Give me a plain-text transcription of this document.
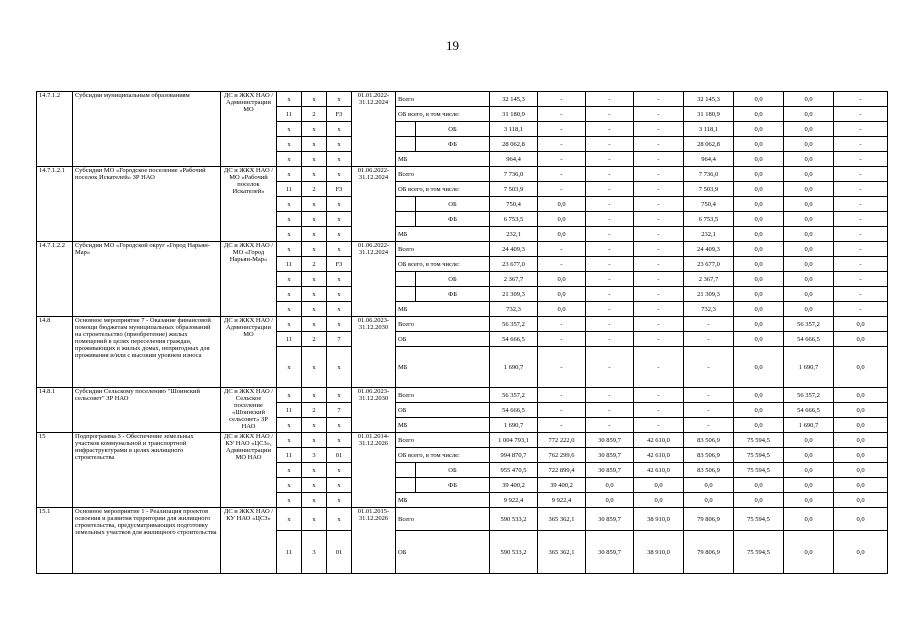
19
14.7.1.2	Субсидии муниципальным образованиям	ДС и ЖКХ НАО / Администрации МО	x	x	x	01.01.2022-31.12.2024	Всего		32 145,3	-	-	-	32 145,3	0,0	0,0	-	
			11	2	F3		ОБ всего, в том числе:		31 180,9	-	-	-	31 180,9	0,0	0,0	-	
			x	x	x			ОБ	3 118,1	-	-	-	3 118,1	0,0	0,0	-	
			x	x	x			ФБ	28 062,8	-	-	-	28 062,8	0,0	0,0	-	
			x	x	x		МБ		964,4	-	-	-	964,4	0,0	0,0	-	
14.7.1.2.1	Субсидии МО «Городское поселение «Рабочий поселок Искателей» ЗР НАО	ДС и ЖКХ НАО / МО «Рабочий поселок Искателей»	x	x	x	01.06.2022-31.12.2024	Всего		7 736,0	-	-	-	7 736,0	0,0	0,0	-	
			11	2	F3		ОБ всего, в том числе:		7 503,9	-	-	-	7 503,9	0,0	0,0	-	
			x	x	x			ОБ	750,4	0,0	-	-	750,4	0,0	0,0	-	
			x	x	x			ФБ	6 753,5	0,0	-	-	6 753,5	0,0	0,0	-	
			x	x	x		МБ		232,1	0,0	-	-	232,1	0,0	0,0	-	
14.7.1.2.2	Субсидии МО «Городской округ «Город Нарьян-Мар»	ДС и ЖКХ НАО / МО «Город Нарьян-Мар»	x	x	x	01.06.2022-31.12.2024	Всего		24 409,3	-	-	-	24 409,3	0,0	0,0	-	
			11	2	F3		ОБ всего, в том числе:		23 677,0	-	-	-	23 677,0	0,0	0,0	-	
			x	x	x			ОБ	2 367,7	0,0	-	-	2 367,7	0,0	0,0	-	
			x	x	x			ФБ	21 309,3	0,0	-	-	21 309,3	0,0	0,0	-	
			x	x	x		МБ		732,3	0,0	-	-	732,3	0,0	0,0	-	
14.8	Основное мероприятие 7 - Оказание финансовой помощи бюджетам муниципальных образований на строительство (приобретение) жилых помещений в целях переселения граждан, проживающих в жилых домах, непригодных для проживания и/или с высоким уровнем износа	ДС и ЖКХ НАО / Администрации МО	x	x	x	01.06.2023-31.12.2030	Всего		56 357,2	-	-	-	-	0,0	56 357,2	0,0	
			11	2	7		ОБ		54 666,5	-	-	-	-	0,0	54 666,5	0,0	
			x	x	x		МБ		1 690,7	-	-	-	-	0,0	1 690,7	0,0	
14.8.1	Субсидии Сельскому поселению "Шоинский сельсовет" ЗР НАО	ДС и ЖКХ НАО / Сельское поселение «Шоинский сельсовет» ЗР НАО	x	x	x	01.06.2023-31.12.2030	Всего		56 357,2	-	-	-	-	0,0	56 357,2	0,0	
			11	2	7		ОБ		54 666,5	-	-	-	-	0,0	54 666,5	0,0	
			x	x	x		МБ		1 690,7	-	-	-	-	0,0	1 690,7	0,0	
15	Подпрограмма 3 - Обеспечение земельных участков коммунальной и транспортной инфраструктурами в целях жилищного строительства	ДС и ЖКХ НАО / КУ НАО «ЦСЗ», Администрации МО НАО	x	x	x	01.01.2014-31.12.2026	Всего		1 004 793,1	772 222,0	30 859,7	42 610,0	83 506,9	75 594,5	0,0	0,0	
			11	3	01		ОБ всего, в том числе:		994 870,7	762 299,6	30 859,7	42 610,0	83 506,9	75 594,5	0,0	0,0	
			x	x	x			ОБ	955 470,5	722 899,4	30 859,7	42 610,0	83 506,9	75 594,5	0,0	0,0	
			x	x	x			ФБ	39 400,2	39 400,2	0,0	0,0	0,0	0,0	0,0	0,0	
			x	x	x		МБ		9 922,4	9 922,4	0,0	0,0	0,0	0,0	0,0	0,0	
15.1	Основное мероприятие 1 - Реализация проектов освоения и развития территории для жилищного строительства, предусматривающих подготовку земельных участков для жилищного строительства	ДС и ЖКХ НАО / КУ НАО «ЦСЗ»	x	x	x	01.01.2015-31.12.2026	Всего		590 533,2	365 362,1	30 859,7	38 910,0	79 806,9	75 594,5	0,0	0,0	
			11	3	01		ОБ		590 533,2	365 362,1	30 859,7	38 910,0	79 806,9	75 594,5	0,0	0,0	
